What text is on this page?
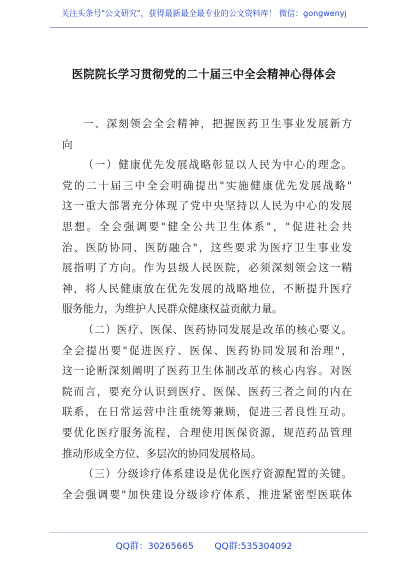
关注头条号"公文研究"，获得最新最全最专业的公文资料库！ 微信：gongwenyj
医院院长学习贯彻党的二十届三中全会精神心得体会
一、深刻领会全会精神，把握医药卫生事业发展新方
向
（一）健康优先发展战略彰显以人民为中心的理念。
党的二十届三中全会明确提出"实施健康优先发展战略"
这一重大部署充分体现了党中央坚持以人民为中心的发展
思想。全会强调要"健全公共卫生体系"，"促进社会共
治、医防协同、医防融合"，这些要求为医疗卫生事业发
展指明了方向。作为县级人民医院，必须深刻领会这一精
神，将人民健康放在优先发展的战略地位，不断提升医疗
服务能力，为维护人民群众健康权益贡献力量。
（二）医疗、医保、医药协同发展是改革的核心要义。
全会提出要"促进医疗、医保、医药协同发展和治理"，
这一论断深刻阐明了医药卫生体制改革的核心内容。对医
院而言，要充分认识到医疗、医保、医药三者之间的内在
联系，在日常运营中注重统筹兼顾，促进三者良性互动。
要优化医疗服务流程，合理使用医保资源，规范药品管理
推动形成全方位、多层次的协同发展格局。
（三）分级诊疗体系建设是优化医疗资源配置的关键。
全会强调要"加快建设分级诊疗体系，推进紧密型医联体
QQ群：30265665 QQ群:535304092
